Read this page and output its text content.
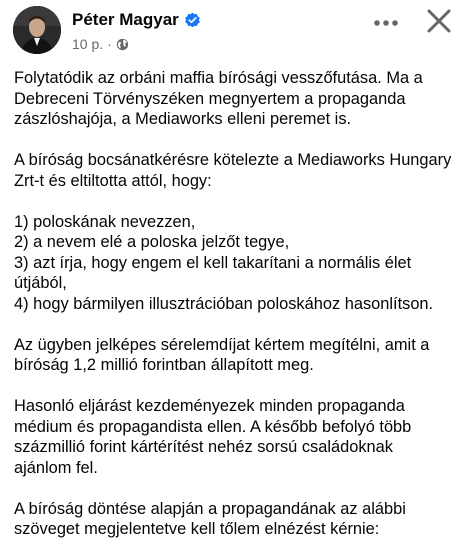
Péter Magyar
10 p. ·

Folytatódik az orbáni maffia bírósági vesszőfutása. Ma a Debreceni Törvényszéken megnyertem a propaganda zászlóshajója, a Mediaworks elleni peremet is.

A bíróság bocsánatkérésre kötelezte a Mediaworks Hungary Zrt-t és eltiltotta attól, hogy:

1) poloskának nevezzen,
2) a nevem elé a poloska jelzőt tegye,
3) azt írja, hogy engem el kell takarítani a normális élet útjából,
4) hogy bármilyen illusztrációban poloskához hasonlítson.

Az ügyben jelképes sérelemdíjat kértem megítélni, amit a bíróság 1,2 millió forintban állapított meg.

Hasonló eljárást kezdeményezek minden propaganda médium és propagandista ellen. A később befolyó több százmillió forint kártérítést nehéz sorsú családoknak ajánlom fel.

A bíróság döntése alapján a propagandának az alábbi szöveget megjelentetve kell tőlem elnézést kérnie:
